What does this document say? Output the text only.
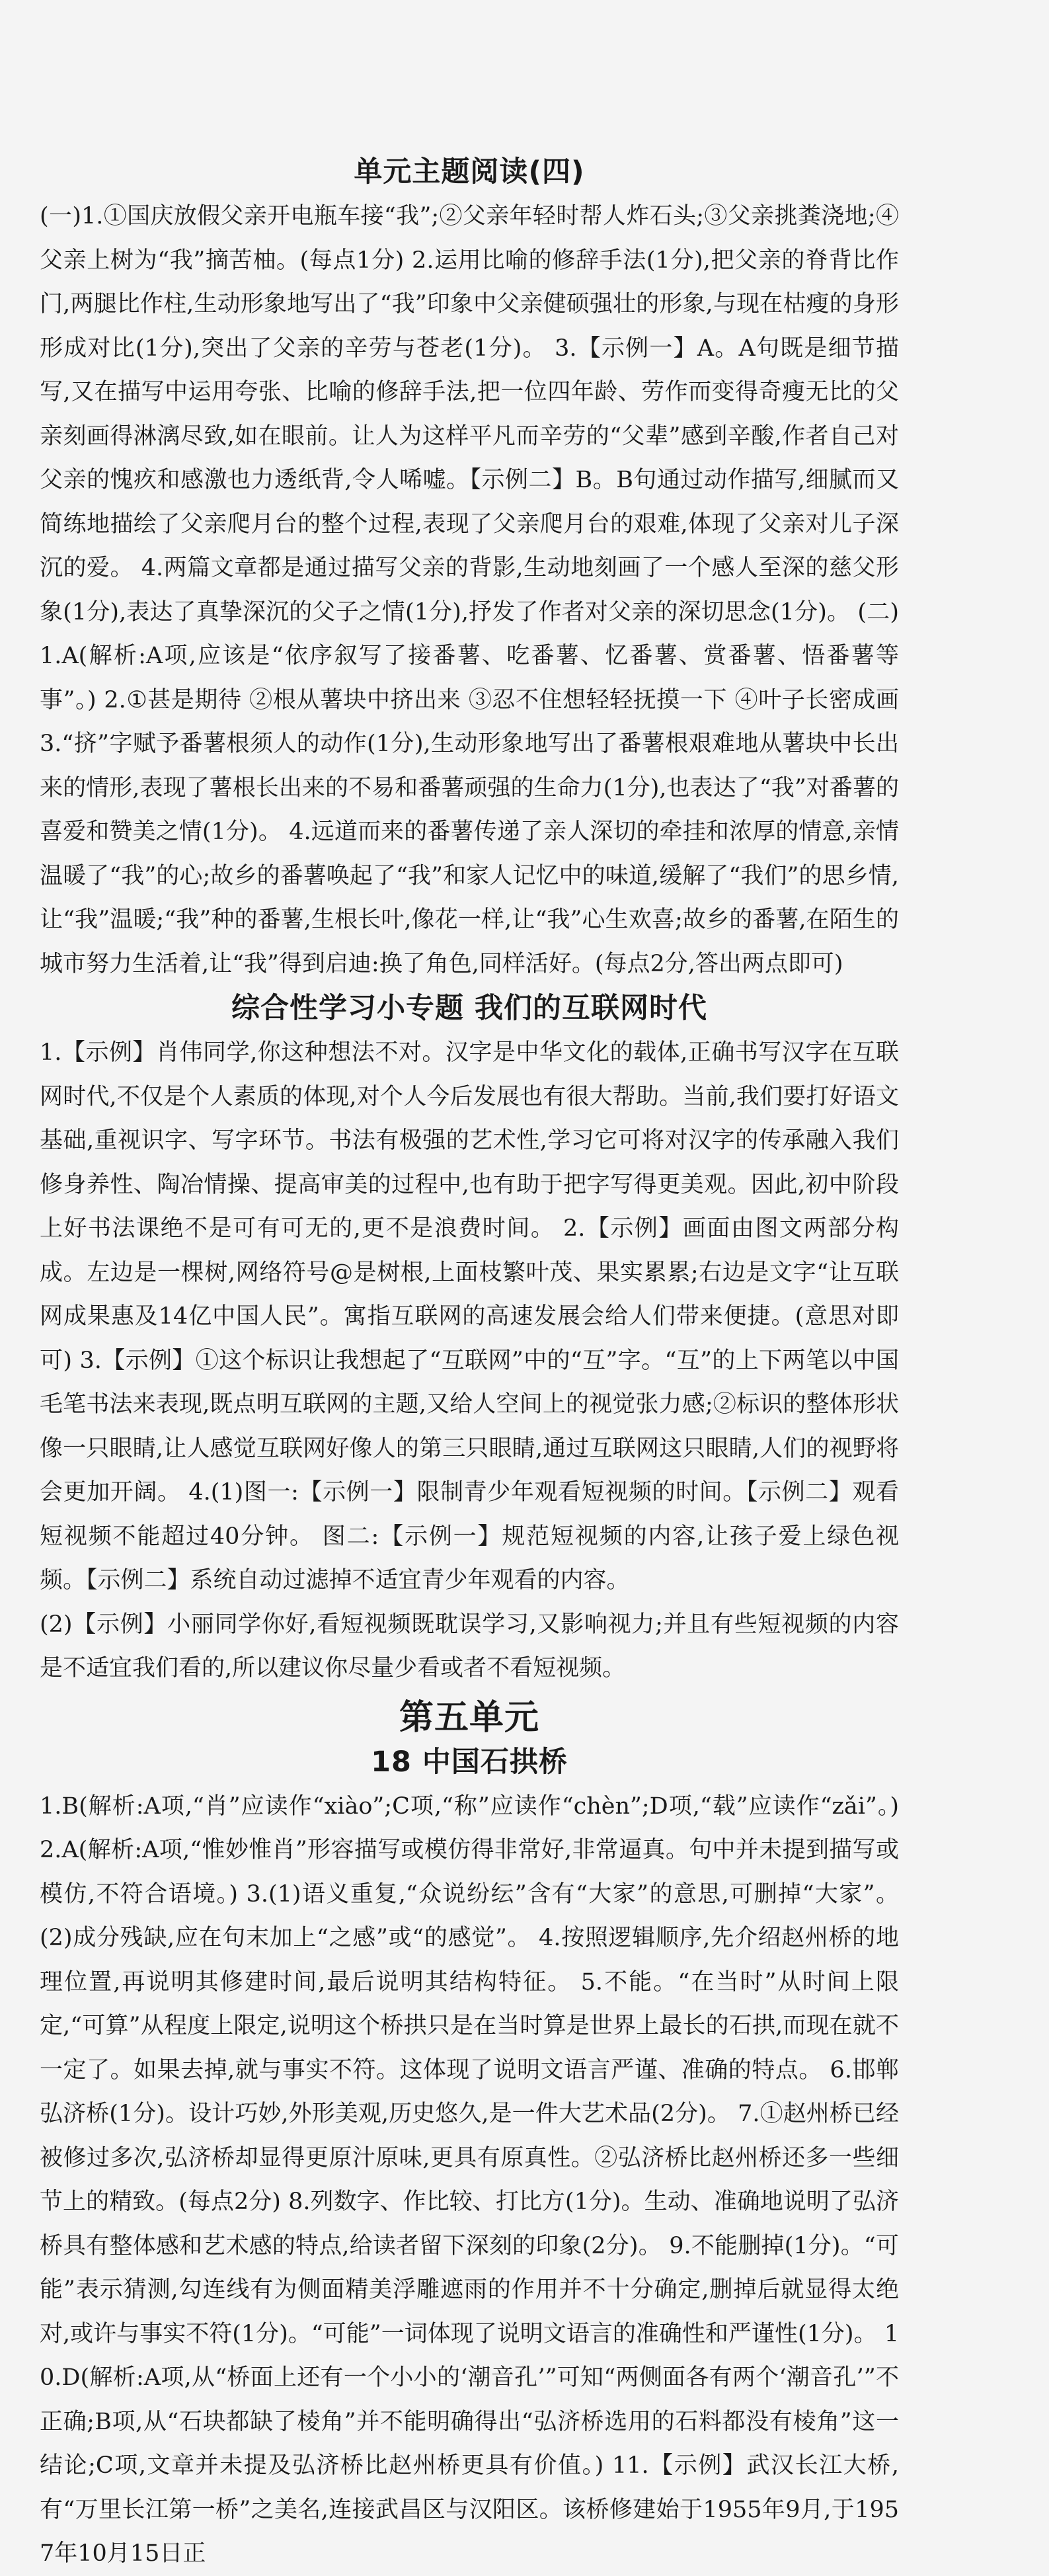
单元主题阅读(四)

(一)1.①国庆放假父亲开电瓶车接“我”;②父亲年轻时帮人炸石头;③父亲挑粪浇地;④父亲上树为“我”摘苦柚。(每点1分) 2.运用比喻的修辞手法(1分),把父亲的脊背比作门,两腿比作柱,生动形象地写出了“我”印象中父亲健硕强壮的形象,与现在枯瘦的身形形成对比(1分),突出了父亲的辛劳与苍老(1分)。 3.【示例一】A。A句既是细节描写,又在描写中运用夸张、比喻的修辞手法,把一位四年龄、劳作而变得奇瘦无比的父亲刻画得淋漓尽致,如在眼前。让人为这样平凡而辛劳的“父辈”感到辛酸,作者自己对父亲的愧疚和感激也力透纸背,令人唏嘘。【示例二】B。B句通过动作描写,细腻而又简练地描绘了父亲爬月台的整个过程,表现了父亲爬月台的艰难,体现了父亲对儿子深沉的爱。 4.两篇文章都是通过描写父亲的背影,生动地刻画了一个感人至深的慈父形象(1分),表达了真挚深沉的父子之情(1分),抒发了作者对父亲的深切思念(1分)。 (二)1.A(解析:A项,应该是“依序叙写了接番薯、吃番薯、忆番薯、赏番薯、悟番薯等事”。) 2.①甚是期待 ②根从薯块中挤出来 ③忍不住想轻轻抚摸一下 ④叶子长密成画 3.“挤”字赋予番薯根须人的动作(1分),生动形象地写出了番薯根艰难地从薯块中长出来的情形,表现了薯根长出来的不易和番薯顽强的生命力(1分),也表达了“我”对番薯的喜爱和赞美之情(1分)。 4.远道而来的番薯传递了亲人深切的牵挂和浓厚的情意,亲情温暖了“我”的心;故乡的番薯唤起了“我”和家人记忆中的味道,缓解了“我们”的思乡情,让“我”温暖;“我”种的番薯,生根长叶,像花一样,让“我”心生欢喜;故乡的番薯,在陌生的城市努力生活着,让“我”得到启迪:换了角色,同样活好。(每点2分,答出两点即可)

综合性学习小专题 我们的互联网时代

1.【示例】肖伟同学,你这种想法不对。汉字是中华文化的载体,正确书写汉字在互联网时代,不仅是个人素质的体现,对个人今后发展也有很大帮助。当前,我们要打好语文基础,重视识字、写字环节。书法有极强的艺术性,学习它可将对汉字的传承融入我们修身养性、陶冶情操、提高审美的过程中,也有助于把字写得更美观。因此,初中阶段上好书法课绝不是可有可无的,更不是浪费时间。 2.【示例】画面由图文两部分构成。左边是一棵树,网络符号@是树根,上面枝繁叶茂、果实累累;右边是文字“让互联网成果惠及14亿中国人民”。寓指互联网的高速发展会给人们带来便捷。(意思对即可) 3.【示例】①这个标识让我想起了“互联网”中的“互”字。“互”的上下两笔以中国毛笔书法来表现,既点明互联网的主题,又给人空间上的视觉张力感;②标识的整体形状像一只眼睛,让人感觉互联网好像人的第三只眼睛,通过互联网这只眼睛,人们的视野将会更加开阔。 4.(1)图一:【示例一】限制青少年观看短视频的时间。【示例二】观看短视频不能超过40分钟。 图二:【示例一】规范短视频的内容,让孩子爱上绿色视频。【示例二】系统自动过滤掉不适宜青少年观看的内容。

(2)【示例】小丽同学你好,看短视频既耽误学习,又影响视力;并且有些短视频的内容是不适宜我们看的,所以建议你尽量少看或者不看短视频。

第五单元
18 中国石拱桥

1.B(解析:A项,“肖”应读作“xiào”;C项,“称”应读作“chèn”;D项,“载”应读作“zǎi”。) 2.A(解析:A项,“惟妙惟肖”形容描写或模仿得非常好,非常逼真。句中并未提到描写或模仿,不符合语境。) 3.(1)语义重复,“众说纷纭”含有“大家”的意思,可删掉“大家”。 (2)成分残缺,应在句末加上“之感”或“的感觉”。 4.按照逻辑顺序,先介绍赵州桥的地理位置,再说明其修建时间,最后说明其结构特征。 5.不能。“在当时”从时间上限定,“可算”从程度上限定,说明这个桥拱只是在当时算是世界上最长的石拱,而现在就不一定了。如果去掉,就与事实不符。这体现了说明文语言严谨、准确的特点。 6.邯郸弘济桥(1分)。设计巧妙,外形美观,历史悠久,是一件大艺术品(2分)。 7.①赵州桥已经被修过多次,弘济桥却显得更原汁原味,更具有原真性。②弘济桥比赵州桥还多一些细节上的精致。(每点2分) 8.列数字、作比较、打比方(1分)。生动、准确地说明了弘济桥具有整体感和艺术感的特点,给读者留下深刻的印象(2分)。 9.不能删掉(1分)。“可能”表示猜测,勾连线有为侧面精美浮雕遮雨的作用并不十分确定,删掉后就显得太绝对,或许与事实不符(1分)。“可能”一词体现了说明文语言的准确性和严谨性(1分)。 10.D(解析:A项,从“桥面上还有一个小小的‘潮音孔’”可知“两侧面各有两个‘潮音孔’”不正确;B项,从“石块都缺了棱角”并不能明确得出“弘济桥选用的石料都没有棱角”这一结论;C项,文章并未提及弘济桥比赵州桥更具有价值。) 11.【示例】武汉长江大桥,有“万里长江第一桥”之美名,连接武昌区与汉阳区。该桥修建始于1955年9月,于1957年10月15日正
